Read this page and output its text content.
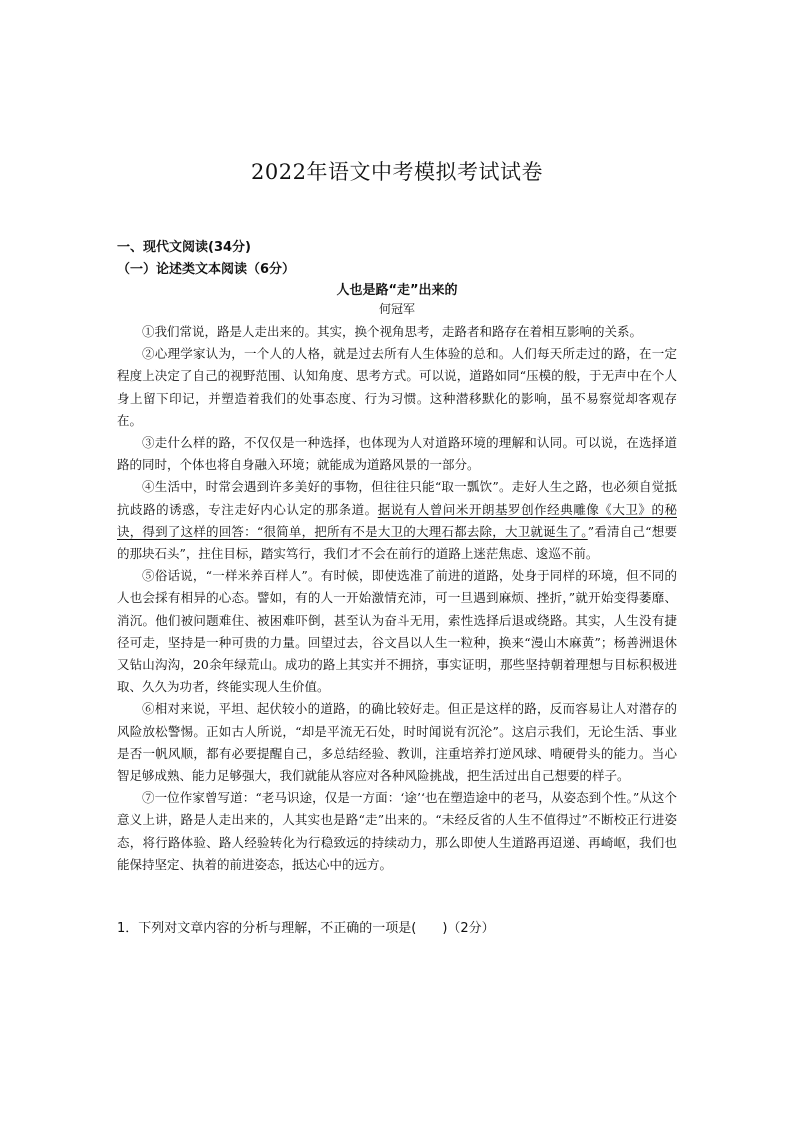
2022年语文中考模拟考试试卷
一、现代文阅读(34分)
（一）论述类文本阅读（6分）
人也是路“走”出来的
何冠军

①我们常说，路是人走出来的。其实，换个视角思考，走路者和路存在着相互影响的关系。

②心理学家认为，一个人的人格，就是过去所有人生体验的总和。人们每天所走过的路，在一定程度上决定了自己的视野范围、认知角度、思考方式。可以说，道路如同“压模的般，于无声中在个人身上留下印记，并塑造着我们的处事态度、行为习惯。这种潜移默化的影响，虽不易察觉却客观存在。

③走什么样的路，不仅仅是一种选择，也体现为人对道路环境的理解和认同。可以说，在选择道路的同时，个体也将自身融入环境；就能成为道路风景的一部分。

④生活中，时常会遇到许多美好的事物，但往往只能“取一瓢饮”。走好人生之路，也必须自觉抵抗歧路的诱惑，专注走好内心认定的那条道。据说有人曾问米开朗基罗创作经典雕像《大卫》的秘诀，得到了这样的回答：“很简单，把所有不是大卫的大理石都去除，大卫就诞生了。”看清自己“想要的那块石头”，拄住目标，踏实笃行，我们才不会在前行的道路上迷茫焦虑、逡巡不前。

⑤俗话说，“一样米养百样人”。有时候，即使选准了前进的道路，处身于同样的环境，但不同的人也会採有相异的心态。譬如，有的人一开始激情充沛，可一旦遇到麻烦、挫折，”就开始变得萎靡、消沉。他们被问题难住、被困难吓倒，甚至认为奋斗无用，索性选择后退或绕路。其实，人生没有捷径可走，坚持是一种可贵的力量。回望过去，谷文昌以人生一粒种，换来“漫山木麻黄”；杨善洲退休又钻山沟沟，20余年绿荒山。成功的路上其实并不拥挤，事实证明，那些坚持朝着理想与目标积极进取、久久为功者，终能实现人生价值。

⑥相对来说，平坦、起伏较小的道路，的确比较好走。但正是这样的路，反而容易让人对潜存的风险放松警惕。正如古人所说，“却是平流无石处，时时闻说有沉沦”。这启示我们，无论生活、事业是否一帆风顺，都有必要提醒自己，多总结经验、教训，注重培养打逆风球、啃硬骨头的能力。当心智足够成熟、能力足够强大，我们就能从容应对各种风险挑战，把生活过出自己想要的样子。

⑦一位作家曾写道：“老马识途，仅是一方面：‘途’‘也在塑造途中的老马，从姿态到个性。”从这个意义上讲，路是人走出来的，人其实也是路“走”出来的。“未经反省的人生不值得过”不断校正行进姿态，将行路体验、路人经验转化为行稳致远的持续动力，那么即使人生道路再迢递、再崎岖，我们也能保持坚定、执着的前进姿态，抵达心中的远方。

1．下列对文章内容的分析与理解，不正确的一项是(　　)（2分）
